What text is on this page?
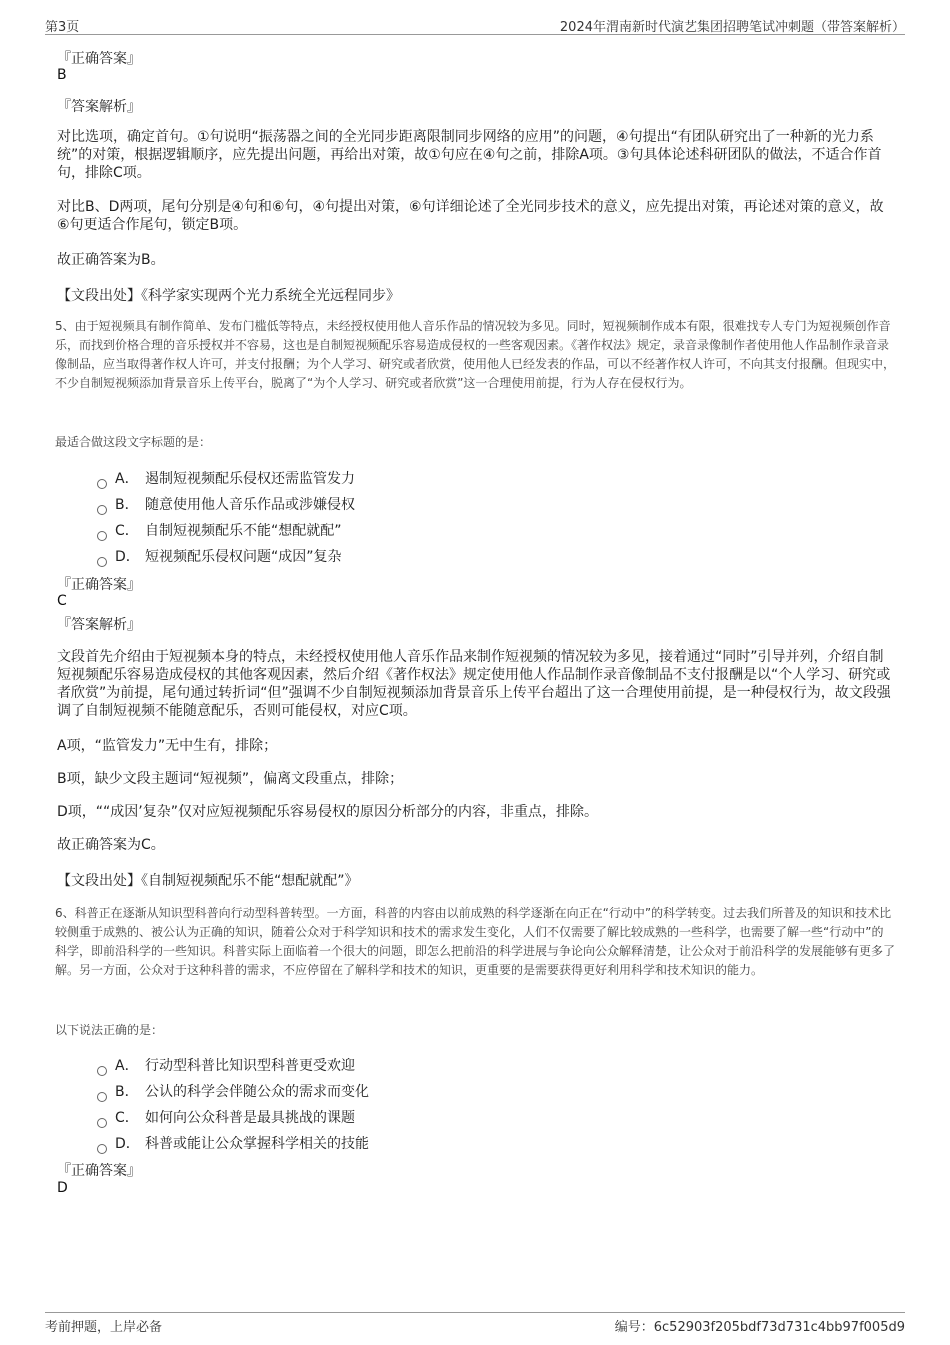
第3页	2024年渭南新时代演艺集团招聘笔试冲刺题（带答案解析）
『正确答案』
B
『答案解析』
对比选项，确定首句。①句说明“振荡器之间的全光同步距离限制同步网络的应用”的问题，④句提出“有团队研究出了一种新的光力系统”的对策，根据逻辑顺序，应先提出问题，再给出对策，故①句应在④句之前，排除A项。③句具体论述科研团队的做法，不适合作首句，排除C项。
对比B、D两项，尾句分别是④句和⑥句，④句提出对策，⑥句详细论述了全光同步技术的意义，应先提出对策，再论述对策的意义，故⑥句更适合作尾句，锁定B项。
故正确答案为B。
【文段出处】《科学家实现两个光力系统全光远程同步》
5、由于短视频具有制作简单、发布门槛低等特点，未经授权使用他人音乐作品的情况较为多见。同时，短视频制作成本有限，很难找专人专门为短视频创作音乐，而找到价格合理的音乐授权并不容易，这也是自制短视频配乐容易造成侵权的一些客观因素。《著作权法》规定，录音录像制作者使用他人作品制作录音录像制品，应当取得著作权人许可，并支付报酬；为个人学习、研究或者欣赏，使用他人已经发表的作品，可以不经著作权人许可，不向其支付报酬。但现实中，不少自制短视频添加背景音乐上传平台，脱离了“为个人学习、研究或者欣赏”这一合理使用前提，行为人存在侵权行为。
最适合做这段文字标题的是：
A． 遏制短视频配乐侵权还需监管发力
B． 随意使用他人音乐作品或涉嫌侵权
C． 自制短视频配乐不能“想配就配”
D． 短视频配乐侵权问题“成因”复杂
『正确答案』
C
『答案解析』
文段首先介绍由于短视频本身的特点，未经授权使用他人音乐作品来制作短视频的情况较为多见，接着通过“同时”引导并列，介绍自制短视频配乐容易造成侵权的其他客观因素，然后介绍《著作权法》规定使用他人作品制作录音像制品不支付报酬是以“个人学习、研究或者欣赏”为前提，尾句通过转折词“但”强调不少自制短视频添加背景音乐上传平台超出了这一合理使用前提，是一种侵权行为，故文段强调了自制短视频不能随意配乐，否则可能侵权，对应C项。
A项，“监管发力”无中生有，排除；
B项，缺少文段主题词“短视频”，偏离文段重点，排除；
D项，““成因’复杂”仅对应短视频配乐容易侵权的原因分析部分的内容，非重点，排除。
故正确答案为C。
【文段出处】《自制短视频配乐不能“想配就配”》
6、科普正在逐渐从知识型科普向行动型科普转型。一方面，科普的内容由以前成熟的科学逐渐在向正在“行动中”的科学转变。过去我们所普及的知识和技术比较侧重于成熟的、被公认为正确的知识，随着公众对于科学知识和技术的需求发生变化，人们不仅需要了解比较成熟的一些科学，也需要了解一些“行动中”的科学，即前沿科学的一些知识。科普实际上面临着一个很大的问题，即怎么把前沿的科学进展与争论向公众解释清楚，让公众对于前沿科学的发展能够有更多了解。另一方面，公众对于这种科普的需求，不应停留在了解科学和技术的知识，更重要的是需要获得更好利用科学和技术知识的能力。
以下说法正确的是：
A． 行动型科普比知识型科普更受欢迎
B． 公认的科学会伴随公众的需求而变化
C． 如何向公众科普是最具挑战的课题
D． 科普或能让公众掌握科学相关的技能
『正确答案』
D
考前押题，上岸必备	编号：6c52903f205bdf73d731c4bb97f005d9
